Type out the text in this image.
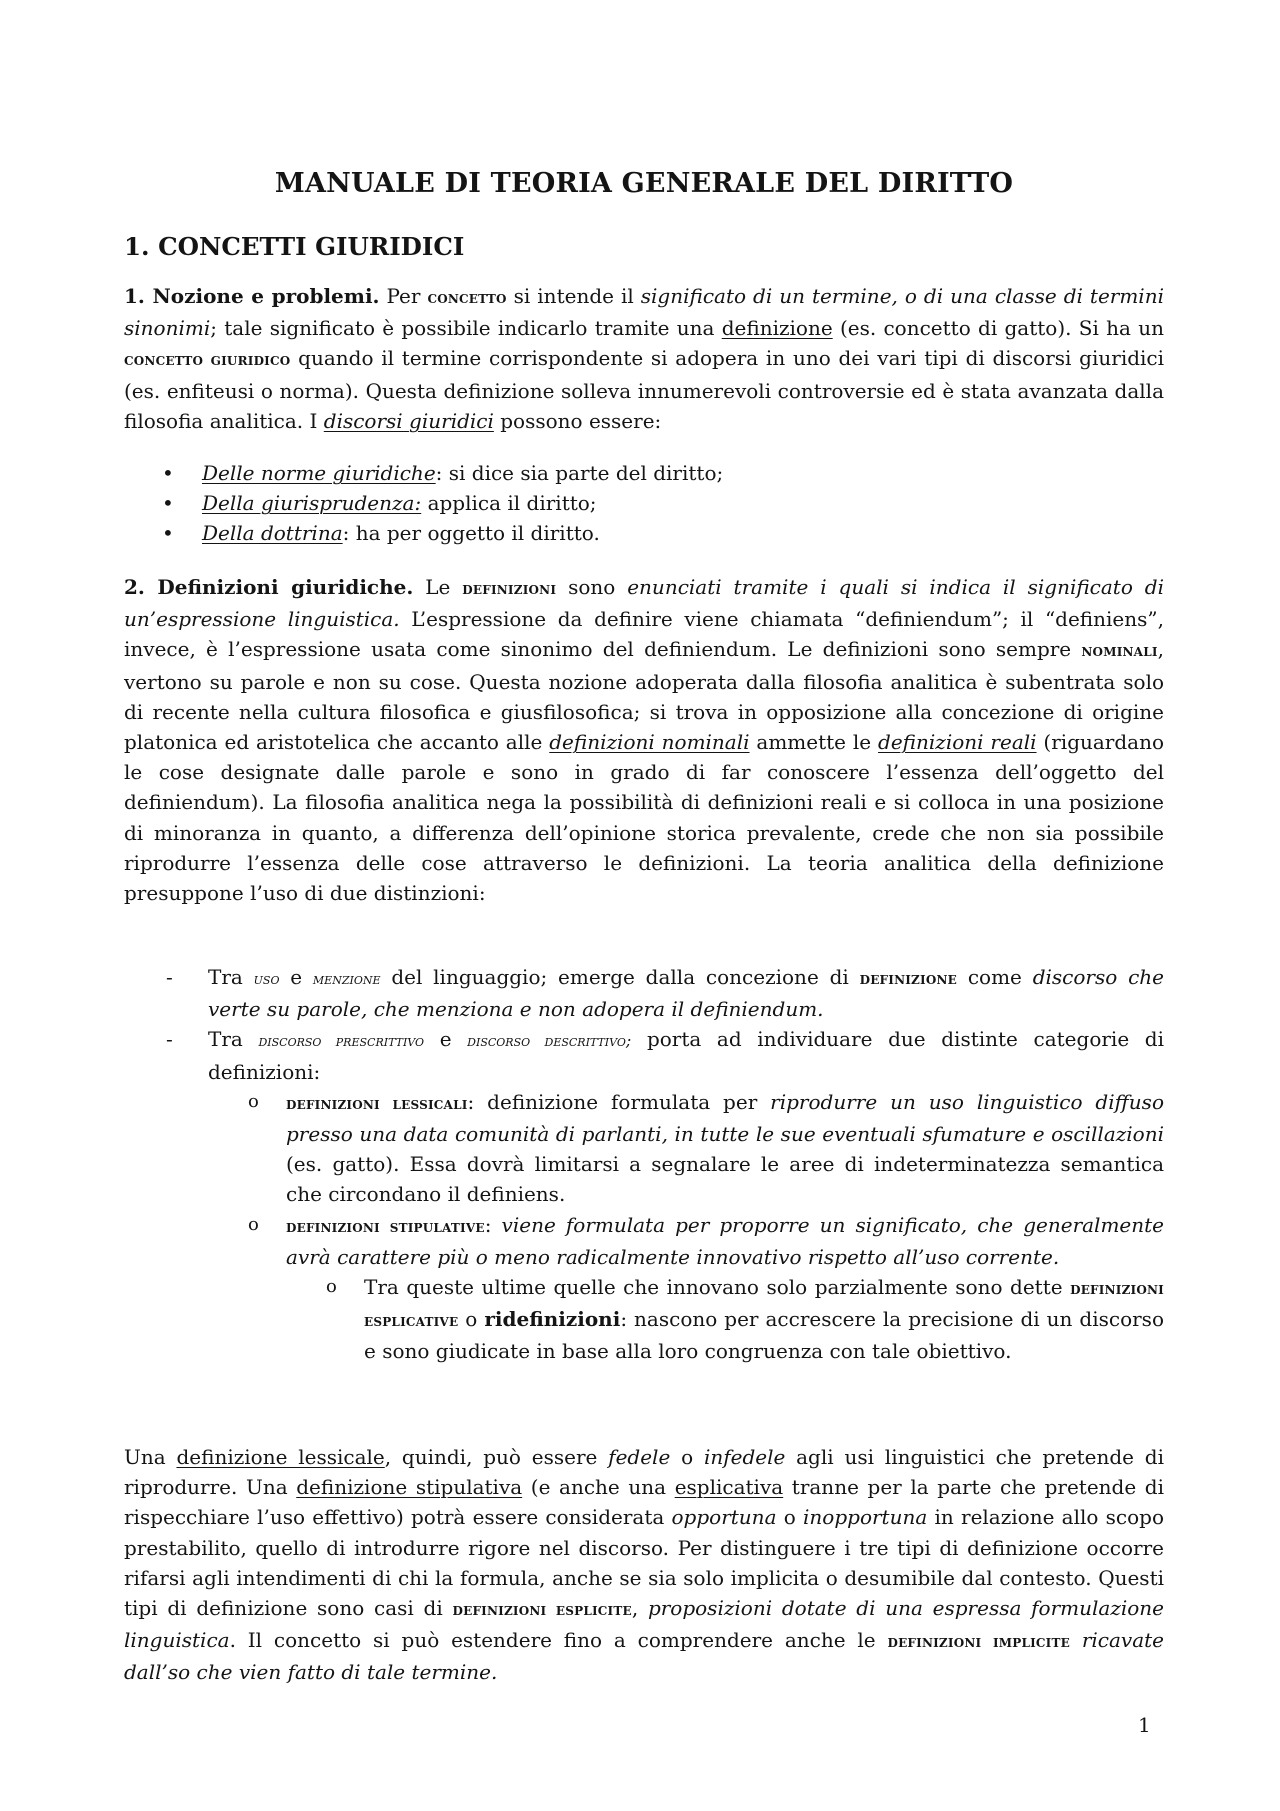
MANUALE DI TEORIA GENERALE DEL DIRITTO
1. CONCETTI GIURIDICI

1. Nozione e problemi. Per concetto si intende il significato di un termine, o di una classe di termini sinonimi; tale significato è possibile indicarlo tramite una definizione (es. concetto di gatto). Si ha un concetto giuridico quando il termine corrispondente si adopera in uno dei vari tipi di discorsi giuridici (es. enfiteusi o norma). Questa definizione solleva innumerevoli controversie ed è stata avanzata dalla filosofia analitica. I discorsi giuridici possono essere:

• Delle norme giuridiche: si dice sia parte del diritto;
• Della giurisprudenza: applica il diritto;
• Della dottrina: ha per oggetto il diritto.

2. Definizioni giuridiche. Le definizioni sono enunciati tramite i quali si indica il significato di un’espressione linguistica. L’espressione da definire viene chiamata “definiendum”; il “definiens”, invece, è l’espressione usata come sinonimo del definiendum. Le definizioni sono sempre nominali, vertono su parole e non su cose. Questa nozione adoperata dalla filosofia analitica è subentrata solo di recente nella cultura filosofica e giusfilosofica; si trova in opposizione alla concezione di origine platonica ed aristotelica che accanto alle definizioni nominali ammette le definizioni reali (riguardano le cose designate dalle parole e sono in grado di far conoscere l’essenza dell’oggetto del definiendum). La filosofia analitica nega la possibilità di definizioni reali e si colloca in una posizione di minoranza in quanto, a differenza dell’opinione storica prevalente, crede che non sia possibile riprodurre l’essenza delle cose attraverso le definizioni. La teoria analitica della definizione presuppone l’uso di due distinzioni:

- Tra uso e menzione del linguaggio; emerge dalla concezione di definizione come discorso che verte su parole, che menziona e non adopera il definiendum.

- Tra discorso prescrittivo e discorso descrittivo; porta ad individuare due distinte categorie di definizioni:

o definizioni lessicali: definizione formulata per riprodurre un uso linguistico diffuso presso una data comunità di parlanti, in tutte le sue eventuali sfumature e oscillazioni (es. gatto). Essa dovrà limitarsi a segnalare le aree di indeterminatezza semantica che circondano il definiens.

o definizioni stipulative: viene formulata per proporre un significato, che generalmente avrà carattere più o meno radicalmente innovativo rispetto all’uso corrente.

o Tra queste ultime quelle che innovano solo parzialmente sono dette definizioni esplicative o ridefinizioni: nascono per accrescere la precisione di un discorso e sono giudicate in base alla loro congruenza con tale obiettivo.

Una definizione lessicale, quindi, può essere fedele o infedele agli usi linguistici che pretende di riprodurre. Una definizione stipulativa (e anche una esplicativa tranne per la parte che pretende di rispecchiare l’uso effettivo) potrà essere considerata opportuna o inopportuna in relazione allo scopo prestabilito, quello di introdurre rigore nel discorso. Per distinguere i tre tipi di definizione occorre rifarsi agli intendimenti di chi la formula, anche se sia solo implicita o desumibile dal contesto. Questi tipi di definizione sono casi di definizioni esplicite, proposizioni dotate di una espressa formulazione linguistica. Il concetto si può estendere fino a comprendere anche le definizioni implicite ricavate dall’so che vien fatto di tale termine.

1
